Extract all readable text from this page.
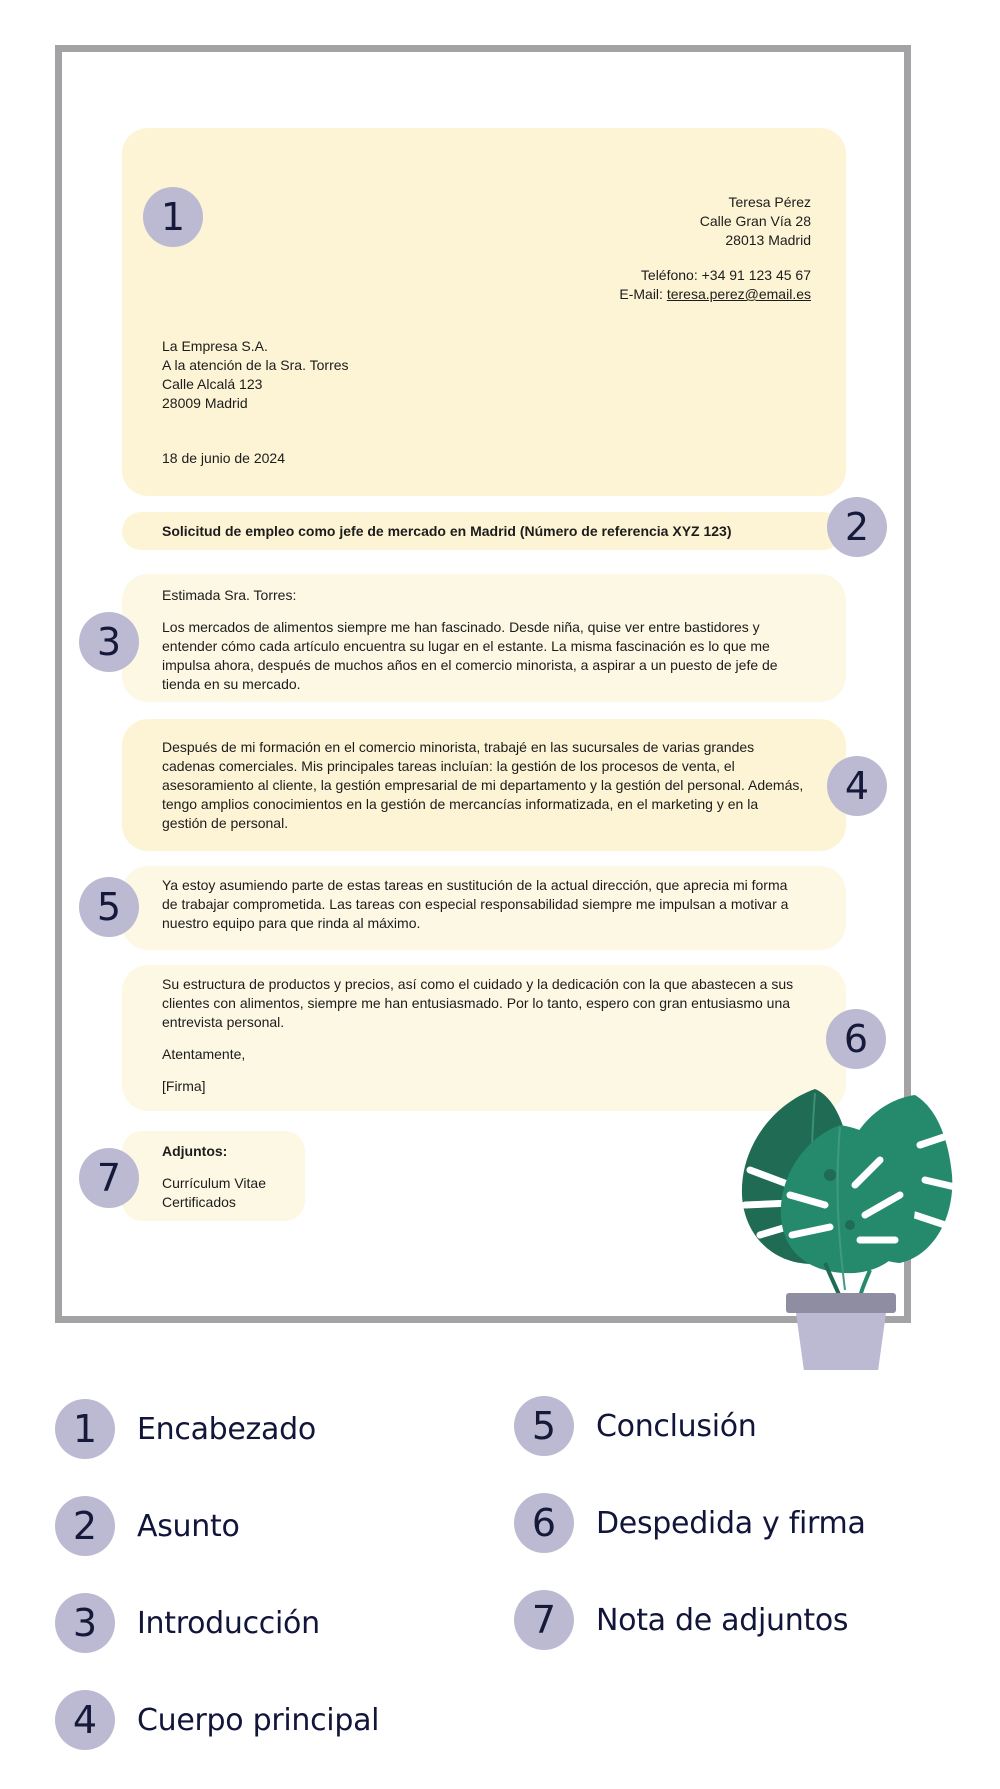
Teresa Pérez

Calle Gran Vía 28

28013 Madrid

Teléfono: +34 91 123 45 67

E-Mail: teresa.perez@email.es

La Empresa S.A.

A la atención de la Sra. Torres

Calle Alcalá 123

28009 Madrid

18 de junio de 2024

1
Solicitud de empleo como jefe de mercado en Madrid (Número de referencia XYZ 123)	2

Estimada Sra. Torres:

Los mercados de alimentos siempre me han fascinado. Desde niña, quise ver entre bastidores y entender cómo cada artículo encuentra su lugar en el estante. La misma fascinación es lo que me impulsa ahora, después de muchos años en el comercio minorista, a aspirar a un puesto de jefe de tienda en su mercado.

3

Después de mi formación en el comercio minorista, trabajé en las sucursales de varias grandes cadenas comerciales. Mis principales tareas incluían: la gestión de los procesos de venta, el asesoramiento al cliente, la gestión empresarial de mi departamento y la gestión del personal. Además, tengo amplios conocimientos en la gestión de mercancías informatizada, en el marketing y en la gestión de personal.

4

Ya estoy asumiendo parte de estas tareas en sustitución de la actual dirección, que aprecia mi forma de trabajar comprometida. Las tareas con especial responsabilidad siempre me impulsan a motivar a nuestro equipo para que rinda al máximo.

5

Su estructura de productos y precios, así como el cuidado y la dedicación con la que abastecen a sus clientes con alimentos, siempre me han entusiasmado. Por lo tanto, espero con gran entusiasmo una entrevista personal.

Atentamente,

[Firma]

6

Adjuntos:

Currículum Vitae

Certificados

7
1	Encabezado
2	Asunto
3	Introducción
4	Cuerpo principal
5	Conclusión
6	Despedida y firma
7	Nota de adjuntos
